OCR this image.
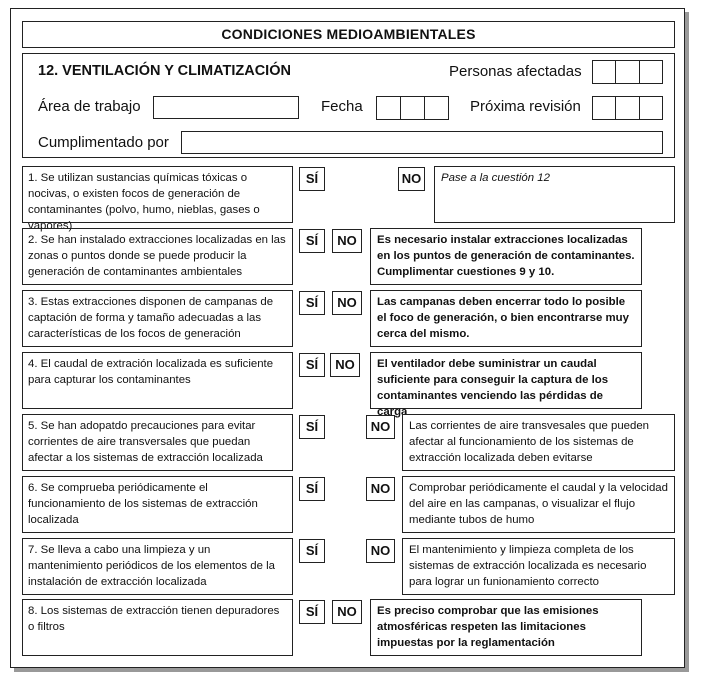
CONDICIONES MEDIOAMBIENTALES
12. VENTILACIÓN Y CLIMATIZACIÓN	Personas afectadas
Área de trabajo	Fecha	Próxima revisión
Cumplimentado por
1. Se utilizan sustancias químicas tóxicas o nocivas, o existen focos de generación de contaminantes (polvo, humo, nieblas, gases o vapores)
SÍ	NO	Pase a la cuestión 12
2. Se han instalado extracciones localizadas en las zonas o puntos donde se puede producir la generación de contaminantes ambientales
SÍ	NO	Es necesario instalar extracciones localizadas en los puntos de generación de contaminantes. Cumplimentar cuestiones 9 y 10.
3. Estas extracciones disponen de campanas de captación de forma y tamaño adecuadas a las características de los focos de generación
SÍ	NO	Las campanas deben encerrar todo lo posible el foco de generación, o bien encontrarse muy cerca del mismo.
4. El caudal de extración localizada es suficiente para capturar los contaminantes
SÍ	NO	El ventilador debe suministrar un caudal suficiente para conseguir la captura de los contaminantes venciendo las pérdidas de carga
5. Se han adopatdo precauciones para evitar corrientes de aire transversales que puedan afectar a los sistemas de extracción localizada
SÍ	NO	Las corrientes de aire transvesales que pueden afectar al funcionamiento de los sistemas de extracción localizada deben evitarse
6. Se comprueba periódicamente el funcionamiento de los sistemas de extracción localizada
SÍ	NO	Comprobar periódicamente el caudal y la velocidad del aire en las campanas, o visualizar el flujo mediante tubos de humo
7. Se lleva a cabo una limpieza y un mantenimiento periódicos de los elementos de la instalación de extracción localizada
SÍ	NO	El mantenimiento y limpieza completa de los sistemas de extracción localizada es necesario para lograr un funionamiento correcto
8. Los sistemas de extracción tienen depuradores o filtros
SÍ	NO	Es preciso comprobar que las emisiones atmosféricas respeten las limitaciones impuestas por la reglamentación
